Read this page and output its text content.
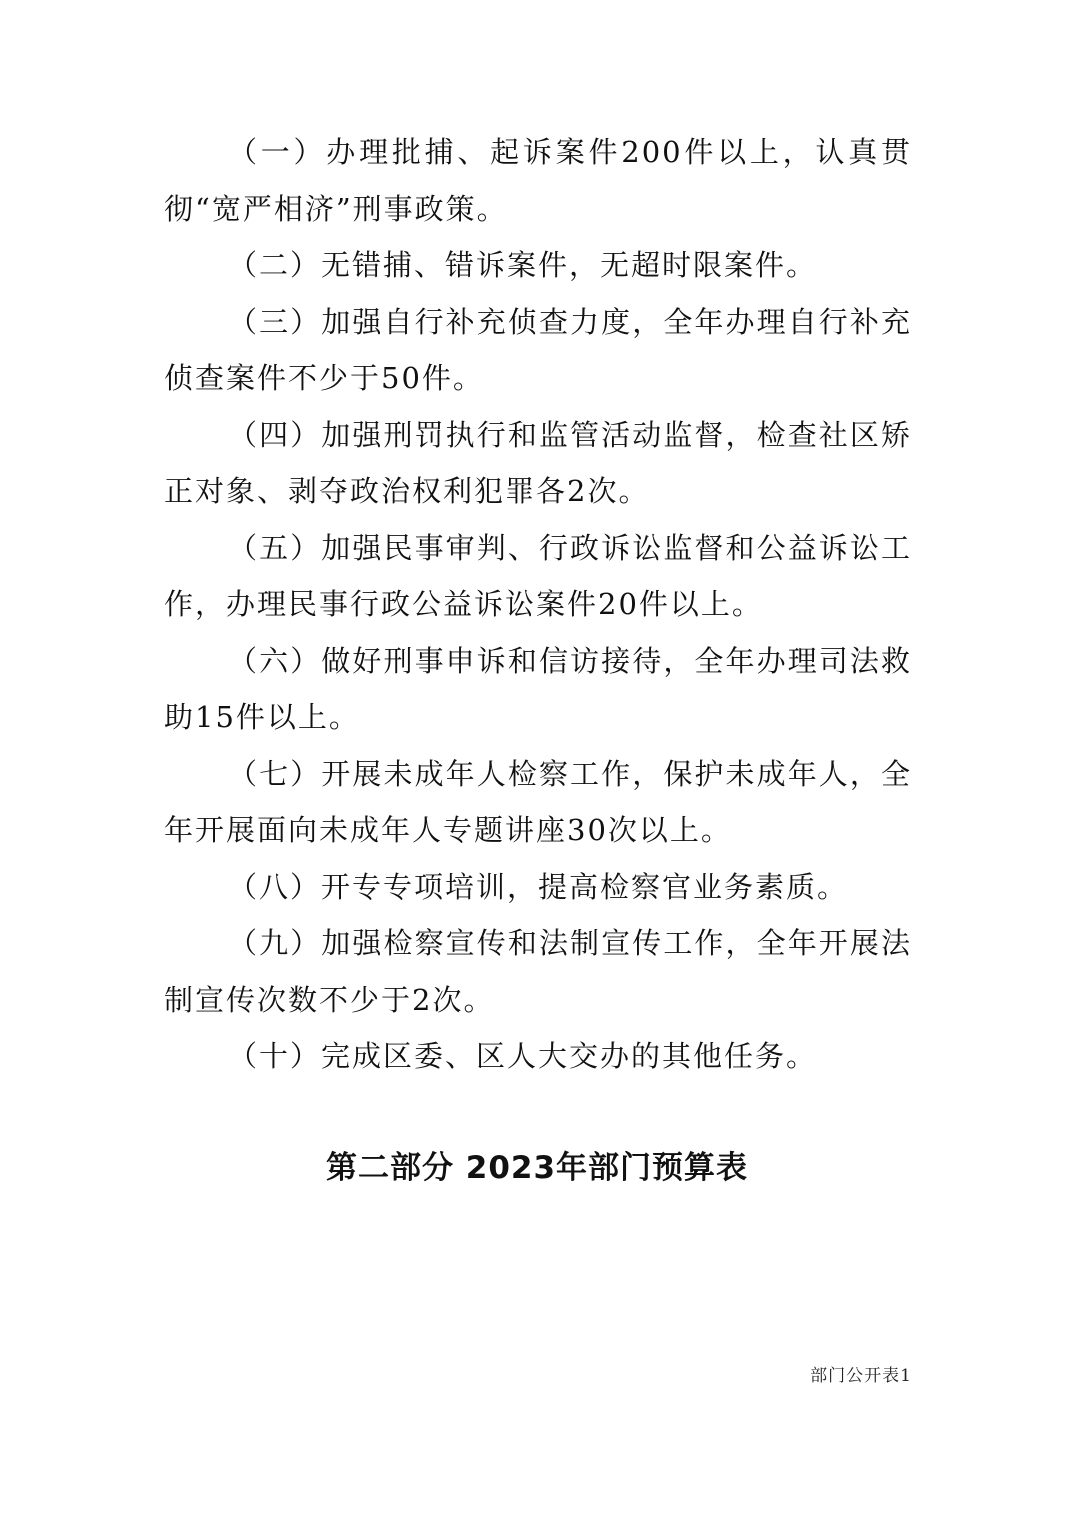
（一）办理批捕、起诉案件200件以上，认真贯彻“宽严相济”刑事政策。

（二）无错捕、错诉案件，无超时限案件。

（三）加强自行补充侦查力度，全年办理自行补充侦查案件不少于50件。

（四）加强刑罚执行和监管活动监督，检查社区矫正对象、剥夺政治权利犯罪各2次。

（五）加强民事审判、行政诉讼监督和公益诉讼工作，办理民事行政公益诉讼案件20件以上。

（六）做好刑事申诉和信访接待，全年办理司法救助15件以上。

（七）开展未成年人检察工作，保护未成年人，全年开展面向未成年人专题讲座30次以上。

（八）开专专项培训，提高检察官业务素质。

（九）加强检察宣传和法制宣传工作，全年开展法制宣传次数不少于2次。

（十）完成区委、区人大交办的其他任务。

第二部分 2023年部门预算表
部门公开表1
